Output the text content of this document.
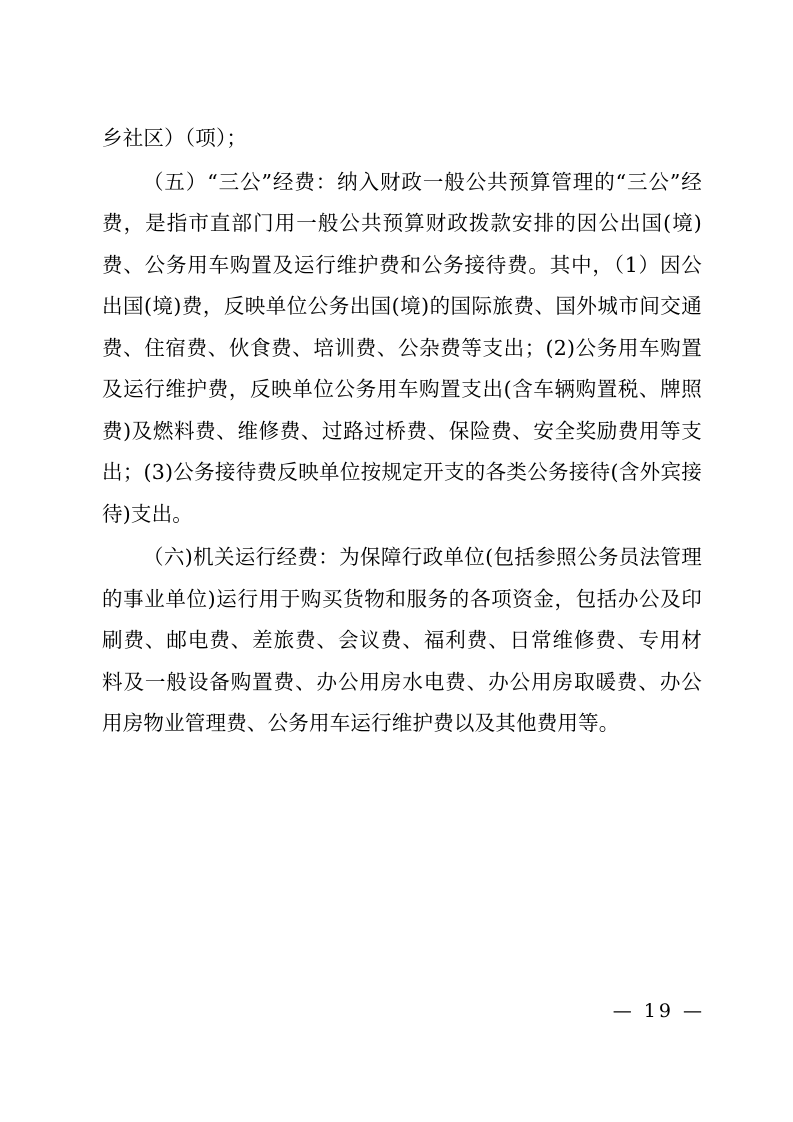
乡社区）（项）；

（五）“三公”经费：纳入财政一般公共预算管理的“三公”经费，是指市直部门用一般公共预算财政拨款安排的因公出国(境)费、公务用车购置及运行维护费和公务接待费。其中，（1）因公出国(境)费，反映单位公务出国(境)的国际旅费、国外城市间交通费、住宿费、伙食费、培训费、公杂费等支出；(2)公务用车购置及运行维护费，反映单位公务用车购置支出(含车辆购置税、牌照费)及燃料费、维修费、过路过桥费、保险费、安全奖励费用等支出；(3)公务接待费反映单位按规定开支的各类公务接待(含外宾接待)支出。

（六)机关运行经费：为保障行政单位(包括参照公务员法管理的事业单位)运行用于购买货物和服务的各项资金，包括办公及印刷费、邮电费、差旅费、会议费、福利费、日常维修费、专用材料及一般设备购置费、办公用房水电费、办公用房取暖费、办公用房物业管理费、公务用车运行维护费以及其他费用等。

— 19 —
